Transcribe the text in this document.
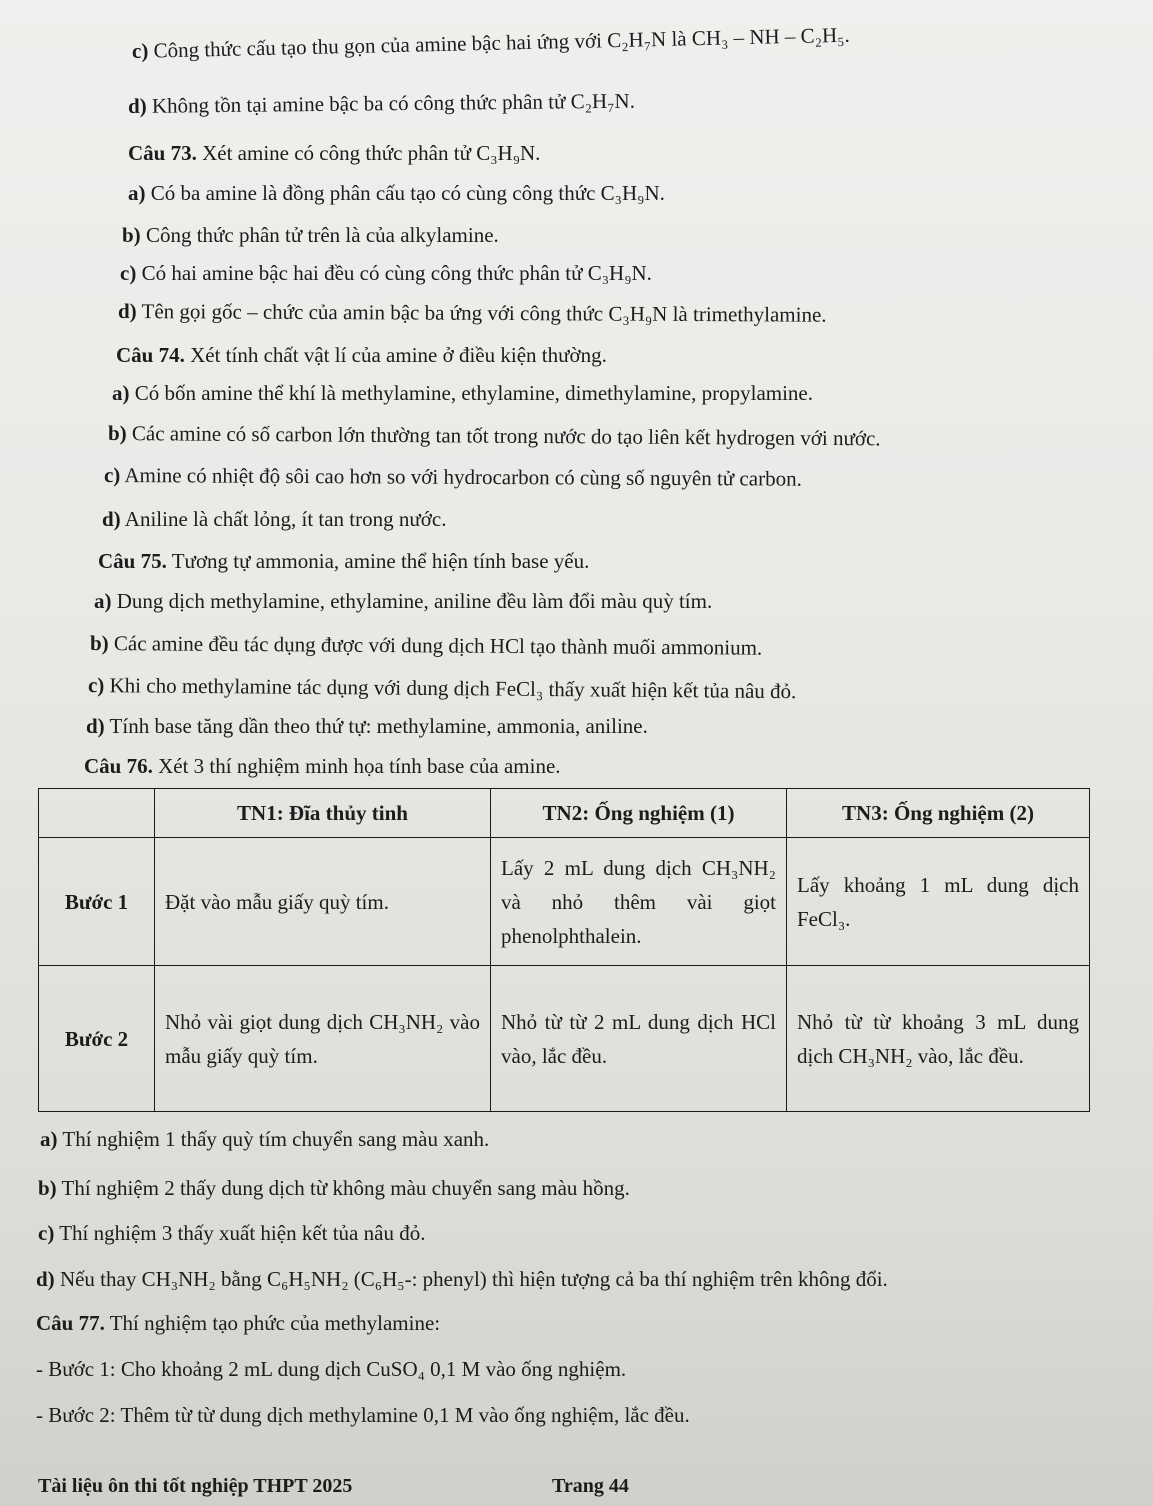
c) Công thức cấu tạo thu gọn của amine bậc hai ứng với C₂H₇N là CH₃ – NH – C₂H₅.
d) Không tồn tại amine bậc ba có công thức phân tử C₂H₇N.
Câu 73. Xét amine có công thức phân tử C₃H₉N.
a) Có ba amine là đồng phân cấu tạo có cùng công thức C₃H₉N.
b) Công thức phân tử trên là của alkylamine.
c) Có hai amine bậc hai đều có cùng công thức phân tử C₃H₉N.
d) Tên gọi gốc – chức của amin bậc ba ứng với công thức C₃H₉N là trimethylamine.
Câu 74. Xét tính chất vật lí của amine ở điều kiện thường.
a) Có bốn amine thể khí là methylamine, ethylamine, dimethylamine, propylamine.
b) Các amine có số carbon lớn thường tan tốt trong nước do tạo liên kết hydrogen với nước.
c) Amine có nhiệt độ sôi cao hơn so với hydrocarbon có cùng số nguyên tử carbon.
d) Aniline là chất lỏng, ít tan trong nước.
Câu 75. Tương tự ammonia, amine thể hiện tính base yếu.
a) Dung dịch methylamine, ethylamine, aniline đều làm đổi màu quỳ tím.
b) Các amine đều tác dụng được với dung dịch HCl tạo thành muối ammonium.
c) Khi cho methylamine tác dụng với dung dịch FeCl₃ thấy xuất hiện kết tủa nâu đỏ.
d) Tính base tăng dần theo thứ tự: methylamine, ammonia, aniline.
Câu 76. Xét 3 thí nghiệm minh họa tính base của amine.
	TN1: Đĩa thủy tinh	TN2: Ống nghiệm (1)	TN3: Ống nghiệm (2)
Bước 1	Đặt vào mẫu giấy quỳ tím.	Lấy 2 mL dung dịch CH₃NH₂ và nhỏ thêm vài giọt phenolphthalein.	Lấy khoảng 1 mL dung dịch FeCl₃.
Bước 2	Nhỏ vài giọt dung dịch CH₃NH₂ vào mẫu giấy quỳ tím.	Nhỏ từ từ 2 mL dung dịch HCl vào, lắc đều.	Nhỏ từ từ khoảng 3 mL dung dịch CH₃NH₂ vào, lắc đều.
a) Thí nghiệm 1 thấy quỳ tím chuyển sang màu xanh.
b) Thí nghiệm 2 thấy dung dịch từ không màu chuyển sang màu hồng.
c) Thí nghiệm 3 thấy xuất hiện kết tủa nâu đỏ.
d) Nếu thay CH₃NH₂ bằng C₆H₅NH₂ (C₆H₅-: phenyl) thì hiện tượng cả ba thí nghiệm trên không đổi.
Câu 77. Thí nghiệm tạo phức của methylamine:
- Bước 1: Cho khoảng 2 mL dung dịch CuSO₄ 0,1 M vào ống nghiệm.
- Bước 2: Thêm từ từ dung dịch methylamine 0,1 M vào ống nghiệm, lắc đều.
Tài liệu ôn thi tốt nghiệp THPT 2025	Trang 44
